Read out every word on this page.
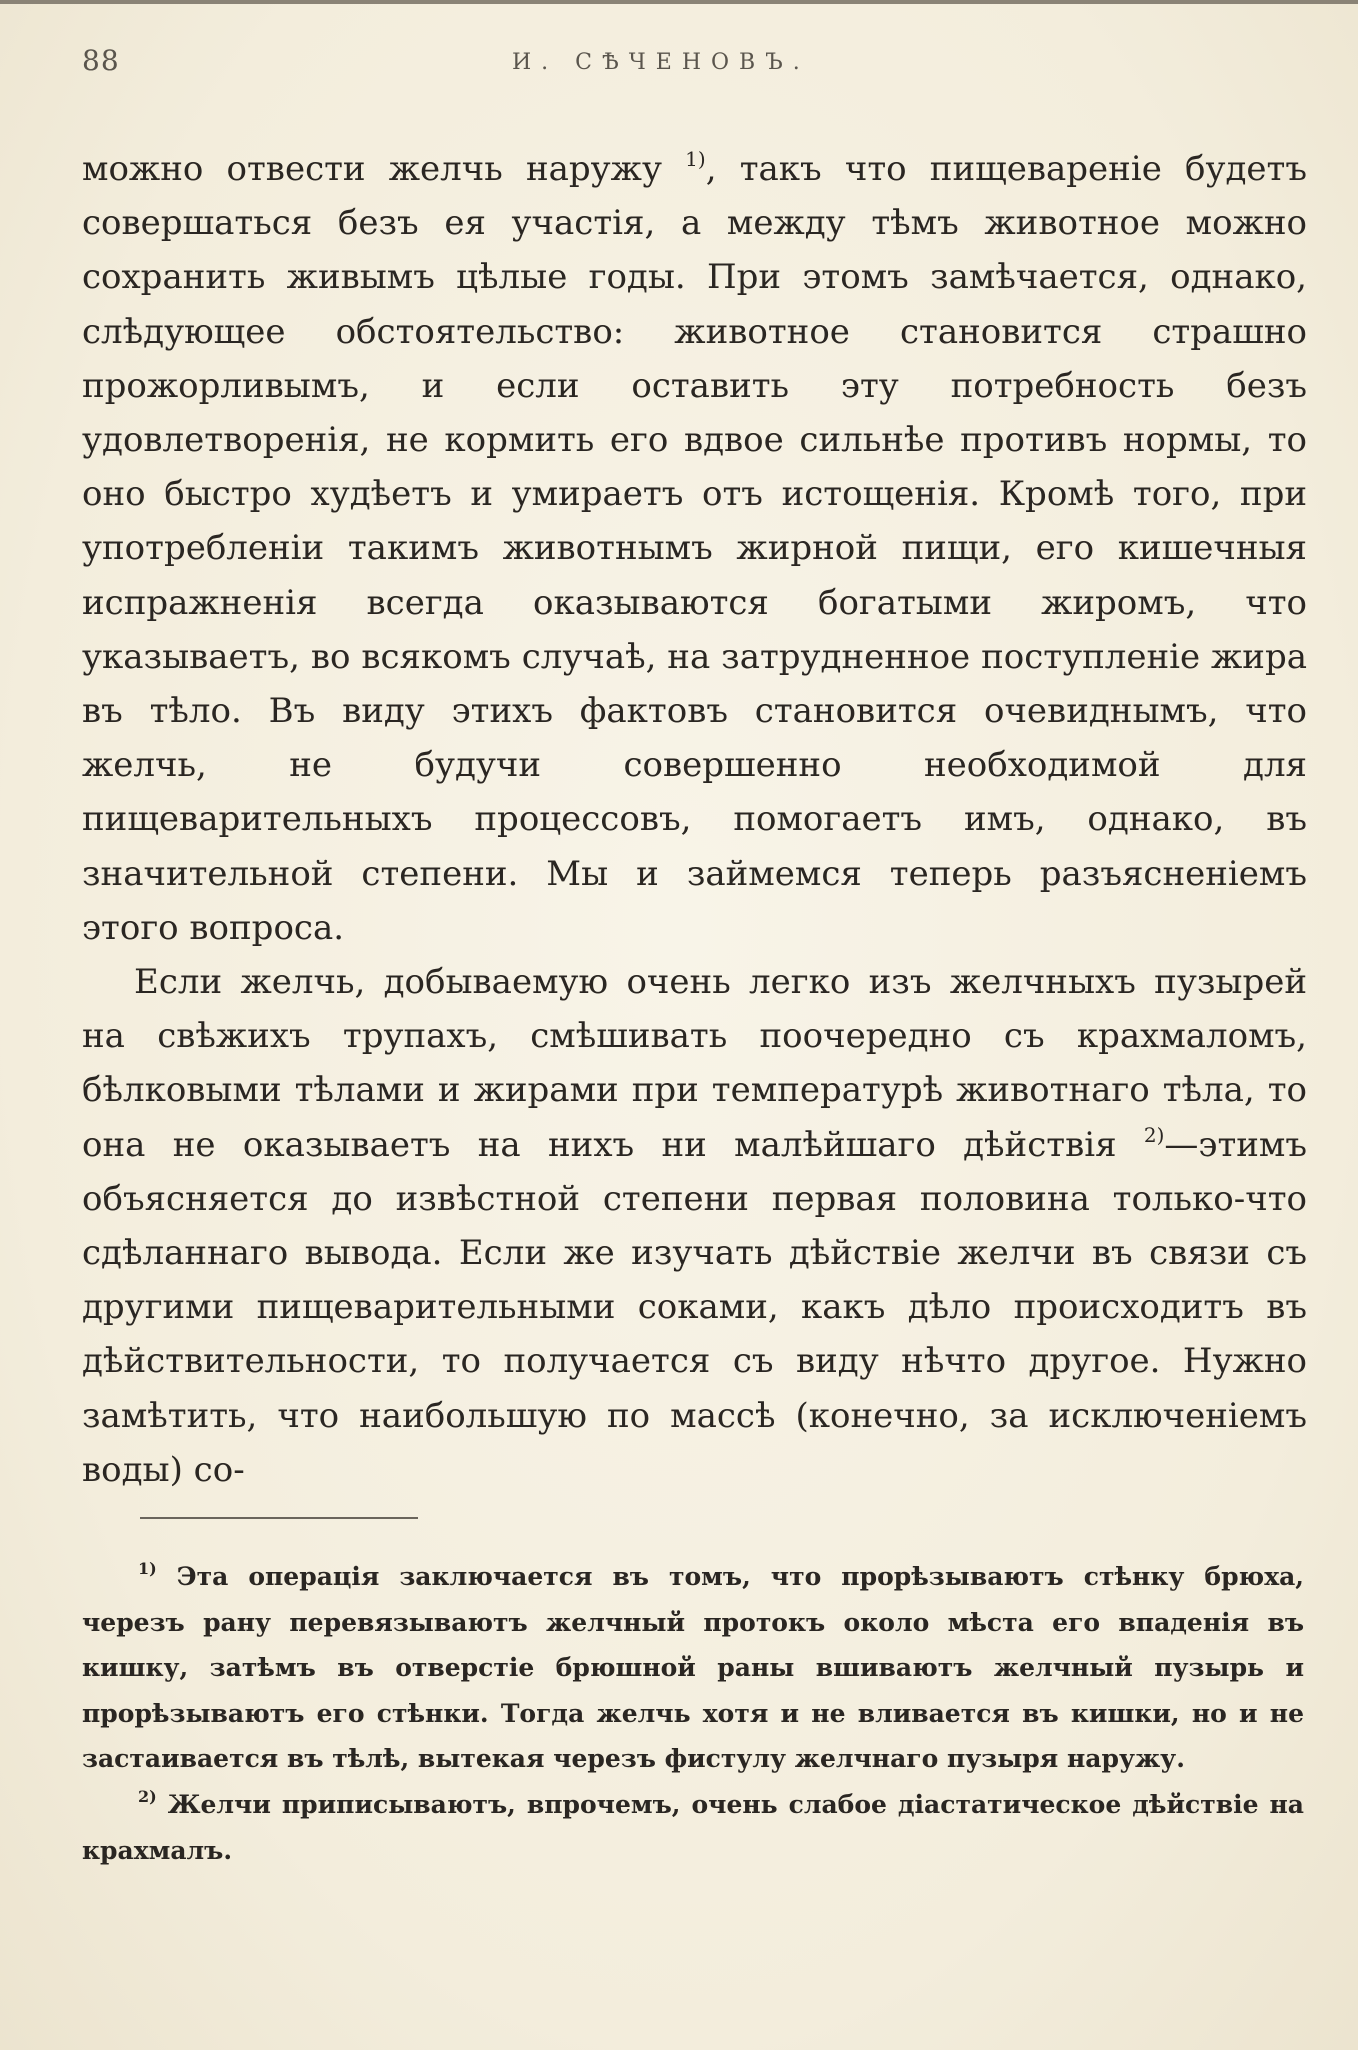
88	И. СѢЧЕНОВЪ.

можно отвести желчь наружу $^{1)}$, такъ что пищевареніе будетъ совершаться безъ ея участія, а между тѣмъ животное можно сохранить живымъ цѣлые годы. При этомъ замѣчается, однако, слѣдующее обстоятельство: животное становится страшно прожорливымъ, и если оставить эту потребность безъ удовлетворенія, не кормить его вдвое сильнѣе противъ нормы, то оно быстро худѣетъ и умираетъ отъ истощенія. Кромѣ того, при употребленіи такимъ животнымъ жирной пищи, его кишечныя испражненія всегда оказываются богатыми жиромъ, что указываетъ, во всякомъ случаѣ, на затрудненное поступленіе жира въ тѣло. Въ виду этихъ фактовъ становится очевиднымъ, что желчь, не будучи совершенно необходимой для пищеварительныхъ процессовъ, помогаетъ имъ, однако, въ значительной степени. Мы и займемся теперь разъясненіемъ этого вопроса.

Если желчь, добываемую очень легко изъ желчныхъ пузырей на свѣжихъ трупахъ, смѣшивать поочередно съ крахмаломъ, бѣлковыми тѣлами и жирами при температурѣ животнаго тѣла, то она не оказываетъ на нихъ ни малѣйшаго дѣйствія $^{2)}$—этимъ объясняется до извѣстной степени первая половина только-что сдѣланнаго вывода. Если же изучать дѣйствіе желчи въ связи съ другими пищеварительными соками, какъ дѣло происходитъ въ дѣйствительности, то получается съ виду нѣчто другое. Нужно замѣтить, что наибольшую по массѣ (конечно, за исключеніемъ воды) со-

$^{1)}$ Эта операція заключается въ томъ, что прорѣзываютъ стѣнку брюха, черезъ рану перевязываютъ желчный протокъ около мѣста его впаденія въ кишку, затѣмъ въ отверстіе брюшной раны вшиваютъ желчный пузырь и прорѣзываютъ его стѣнки. Тогда желчь хотя и не вливается въ кишки, но и не застаивается въ тѣлѣ, вытекая черезъ фистулу желчнаго пузыря наружу.

$^{2)}$ Желчи приписываютъ, впрочемъ, очень слабое діастатическое дѣйствіе на крахмалъ.
